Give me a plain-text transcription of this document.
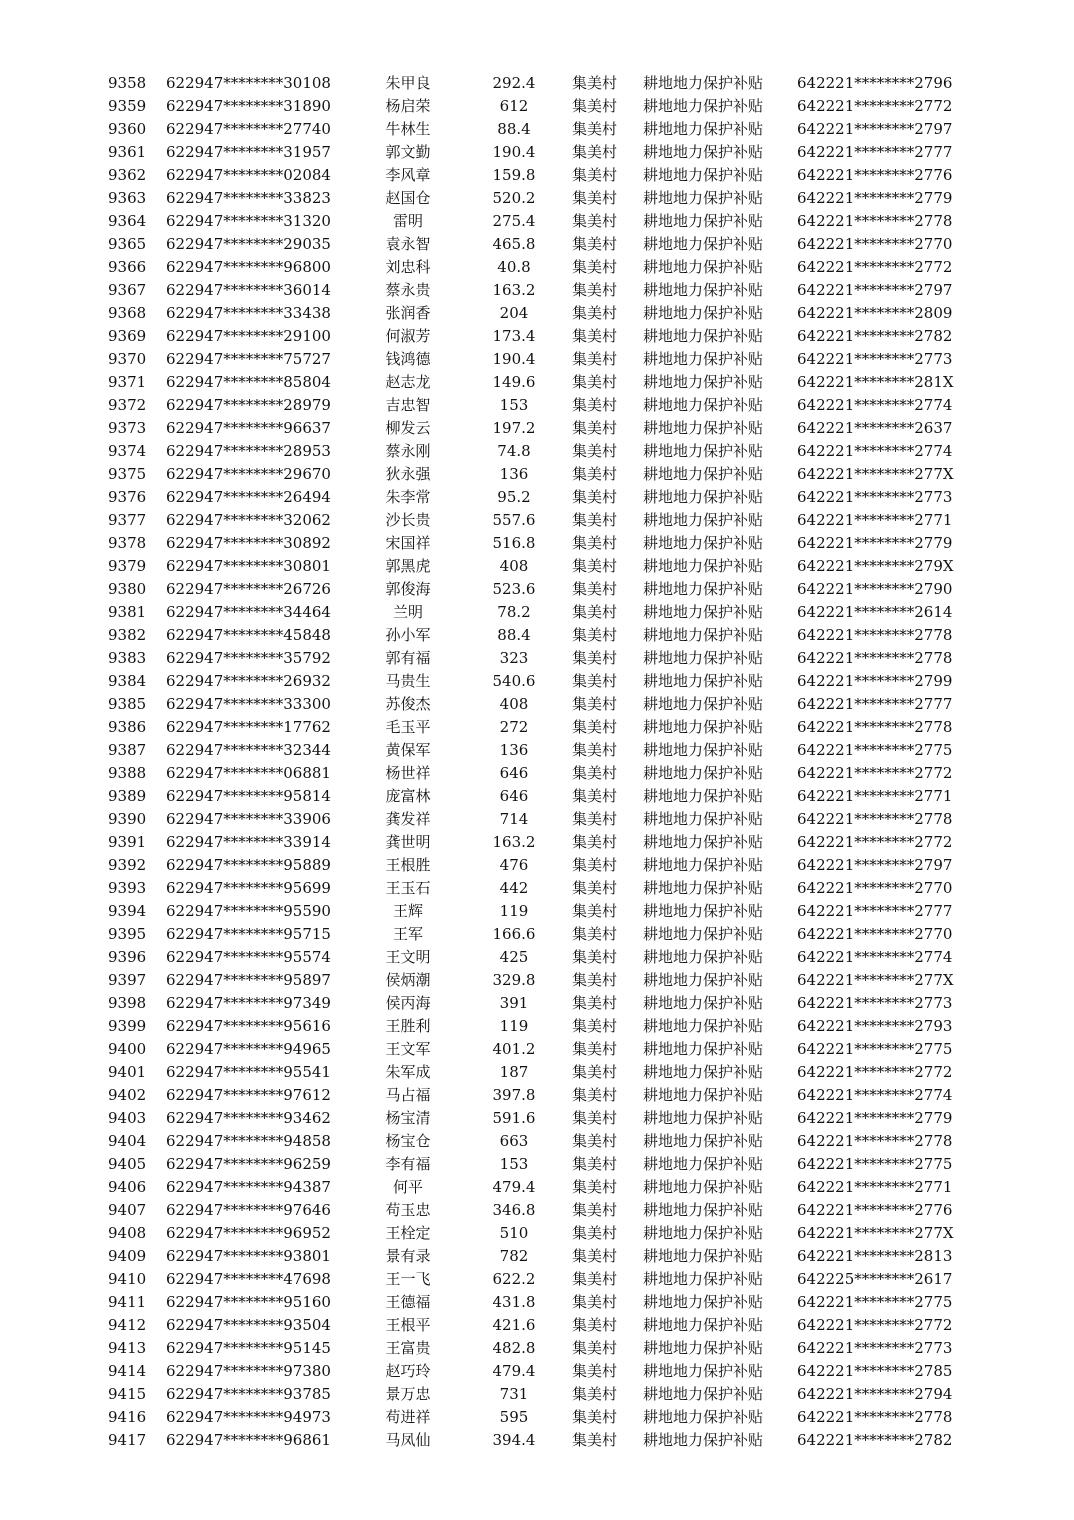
9358 622947********30108	朱甲良	292.4	集美村 耕地地力保护补贴 642221********2796
9359 622947********31890	杨启荣	612	集美村 耕地地力保护补贴 642221********2772
9360 622947********27740	牛林生	88.4	集美村 耕地地力保护补贴 642221********2797
9361 622947********31957	郭文勤	190.4	集美村 耕地地力保护补贴 642221********2777
9362 622947********02084	李风章	159.8	集美村 耕地地力保护补贴 642221********2776
9363 622947********33823	赵国仓	520.2	集美村 耕地地力保护补贴 642221********2779
9364 622947********31320	雷明	275.4	集美村 耕地地力保护补贴 642221********2778
9365 622947********29035	袁永智	465.8	集美村 耕地地力保护补贴 642221********2770
9366 622947********96800	刘忠科	40.8	集美村 耕地地力保护补贴 642221********2772
9367 622947********36014	蔡永贵	163.2	集美村 耕地地力保护补贴 642221********2797
9368 622947********33438	张润香	204	集美村 耕地地力保护补贴 642221********2809
9369 622947********29100	何淑芳	173.4	集美村 耕地地力保护补贴 642221********2782
9370 622947********75727	钱鸿德	190.4	集美村 耕地地力保护补贴 642221********2773
9371 622947********85804	赵志龙	149.6	集美村 耕地地力保护补贴 642221********281X
9372 622947********28979	吉忠智	153	集美村 耕地地力保护补贴 642221********2774
9373 622947********96637	柳发云	197.2	集美村 耕地地力保护补贴 642221********2637
9374 622947********28953	蔡永刚	74.8	集美村 耕地地力保护补贴 642221********2774
9375 622947********29670	狄永强	136	集美村 耕地地力保护补贴 642221********277X
9376 622947********26494	朱李常	95.2	集美村 耕地地力保护补贴 642221********2773
9377 622947********32062	沙长贵	557.6	集美村 耕地地力保护补贴 642221********2771
9378 622947********30892	宋国祥	516.8	集美村 耕地地力保护补贴 642221********2779
9379 622947********30801	郭黑虎	408	集美村 耕地地力保护补贴 642221********279X
9380 622947********26726	郭俊海	523.6	集美村 耕地地力保护补贴 642221********2790
9381 622947********34464	兰明	78.2	集美村 耕地地力保护补贴 642221********2614
9382 622947********45848	孙小军	88.4	集美村 耕地地力保护补贴 642221********2778
9383 622947********35792	郭有福	323	集美村 耕地地力保护补贴 642221********2778
9384 622947********26932	马贵生	540.6	集美村 耕地地力保护补贴 642221********2799
9385 622947********33300	苏俊杰	408	集美村 耕地地力保护补贴 642221********2777
9386 622947********17762	毛玉平	272	集美村 耕地地力保护补贴 642221********2778
9387 622947********32344	黄保军	136	集美村 耕地地力保护补贴 642221********2775
9388 622947********06881	杨世祥	646	集美村 耕地地力保护补贴 642221********2772
9389 622947********95814	庞富林	646	集美村 耕地地力保护补贴 642221********2771
9390 622947********33906	龚发祥	714	集美村 耕地地力保护补贴 642221********2778
9391 622947********33914	龚世明	163.2	集美村 耕地地力保护补贴 642221********2772
9392 622947********95889	王根胜	476	集美村 耕地地力保护补贴 642221********2797
9393 622947********95699	王玉石	442	集美村 耕地地力保护补贴 642221********2770
9394 622947********95590	王辉	119	集美村 耕地地力保护补贴 642221********2777
9395 622947********95715	王军	166.6	集美村 耕地地力保护补贴 642221********2770
9396 622947********95574	王文明	425	集美村 耕地地力保护补贴 642221********2774
9397 622947********95897	侯炳潮	329.8	集美村 耕地地力保护补贴 642221********277X
9398 622947********97349	侯丙海	391	集美村 耕地地力保护补贴 642221********2773
9399 622947********95616	王胜利	119	集美村 耕地地力保护补贴 642221********2793
9400 622947********94965	王文军	401.2	集美村 耕地地力保护补贴 642221********2775
9401 622947********95541	朱军成	187	集美村 耕地地力保护补贴 642221********2772
9402 622947********97612	马占福	397.8	集美村 耕地地力保护补贴 642221********2774
9403 622947********93462	杨宝清	591.6	集美村 耕地地力保护补贴 642221********2779
9404 622947********94858	杨宝仓	663	集美村 耕地地力保护补贴 642221********2778
9405 622947********96259	李有福	153	集美村 耕地地力保护补贴 642221********2775
9406 622947********94387	何平	479.4	集美村 耕地地力保护补贴 642221********2771
9407 622947********97646	苟玉忠	346.8	集美村 耕地地力保护补贴 642221********2776
9408 622947********96952	王栓定	510	集美村 耕地地力保护补贴 642221********277X
9409 622947********93801	景有录	782	集美村 耕地地力保护补贴 642221********2813
9410 622947********47698	王一飞	622.2	集美村 耕地地力保护补贴 642225********2617
9411 622947********95160	王德福	431.8	集美村 耕地地力保护补贴 642221********2775
9412 622947********93504	王根平	421.6	集美村 耕地地力保护补贴 642221********2772
9413 622947********95145	王富贵	482.8	集美村 耕地地力保护补贴 642221********2773
9414 622947********97380	赵巧玲	479.4	集美村 耕地地力保护补贴 642221********2785
9415 622947********93785	景万忠	731	集美村 耕地地力保护补贴 642221********2794
9416 622947********94973	苟进祥	595	集美村 耕地地力保护补贴 642221********2778
9417 622947********96861	马凤仙	394.4	集美村 耕地地力保护补贴 642221********2782
